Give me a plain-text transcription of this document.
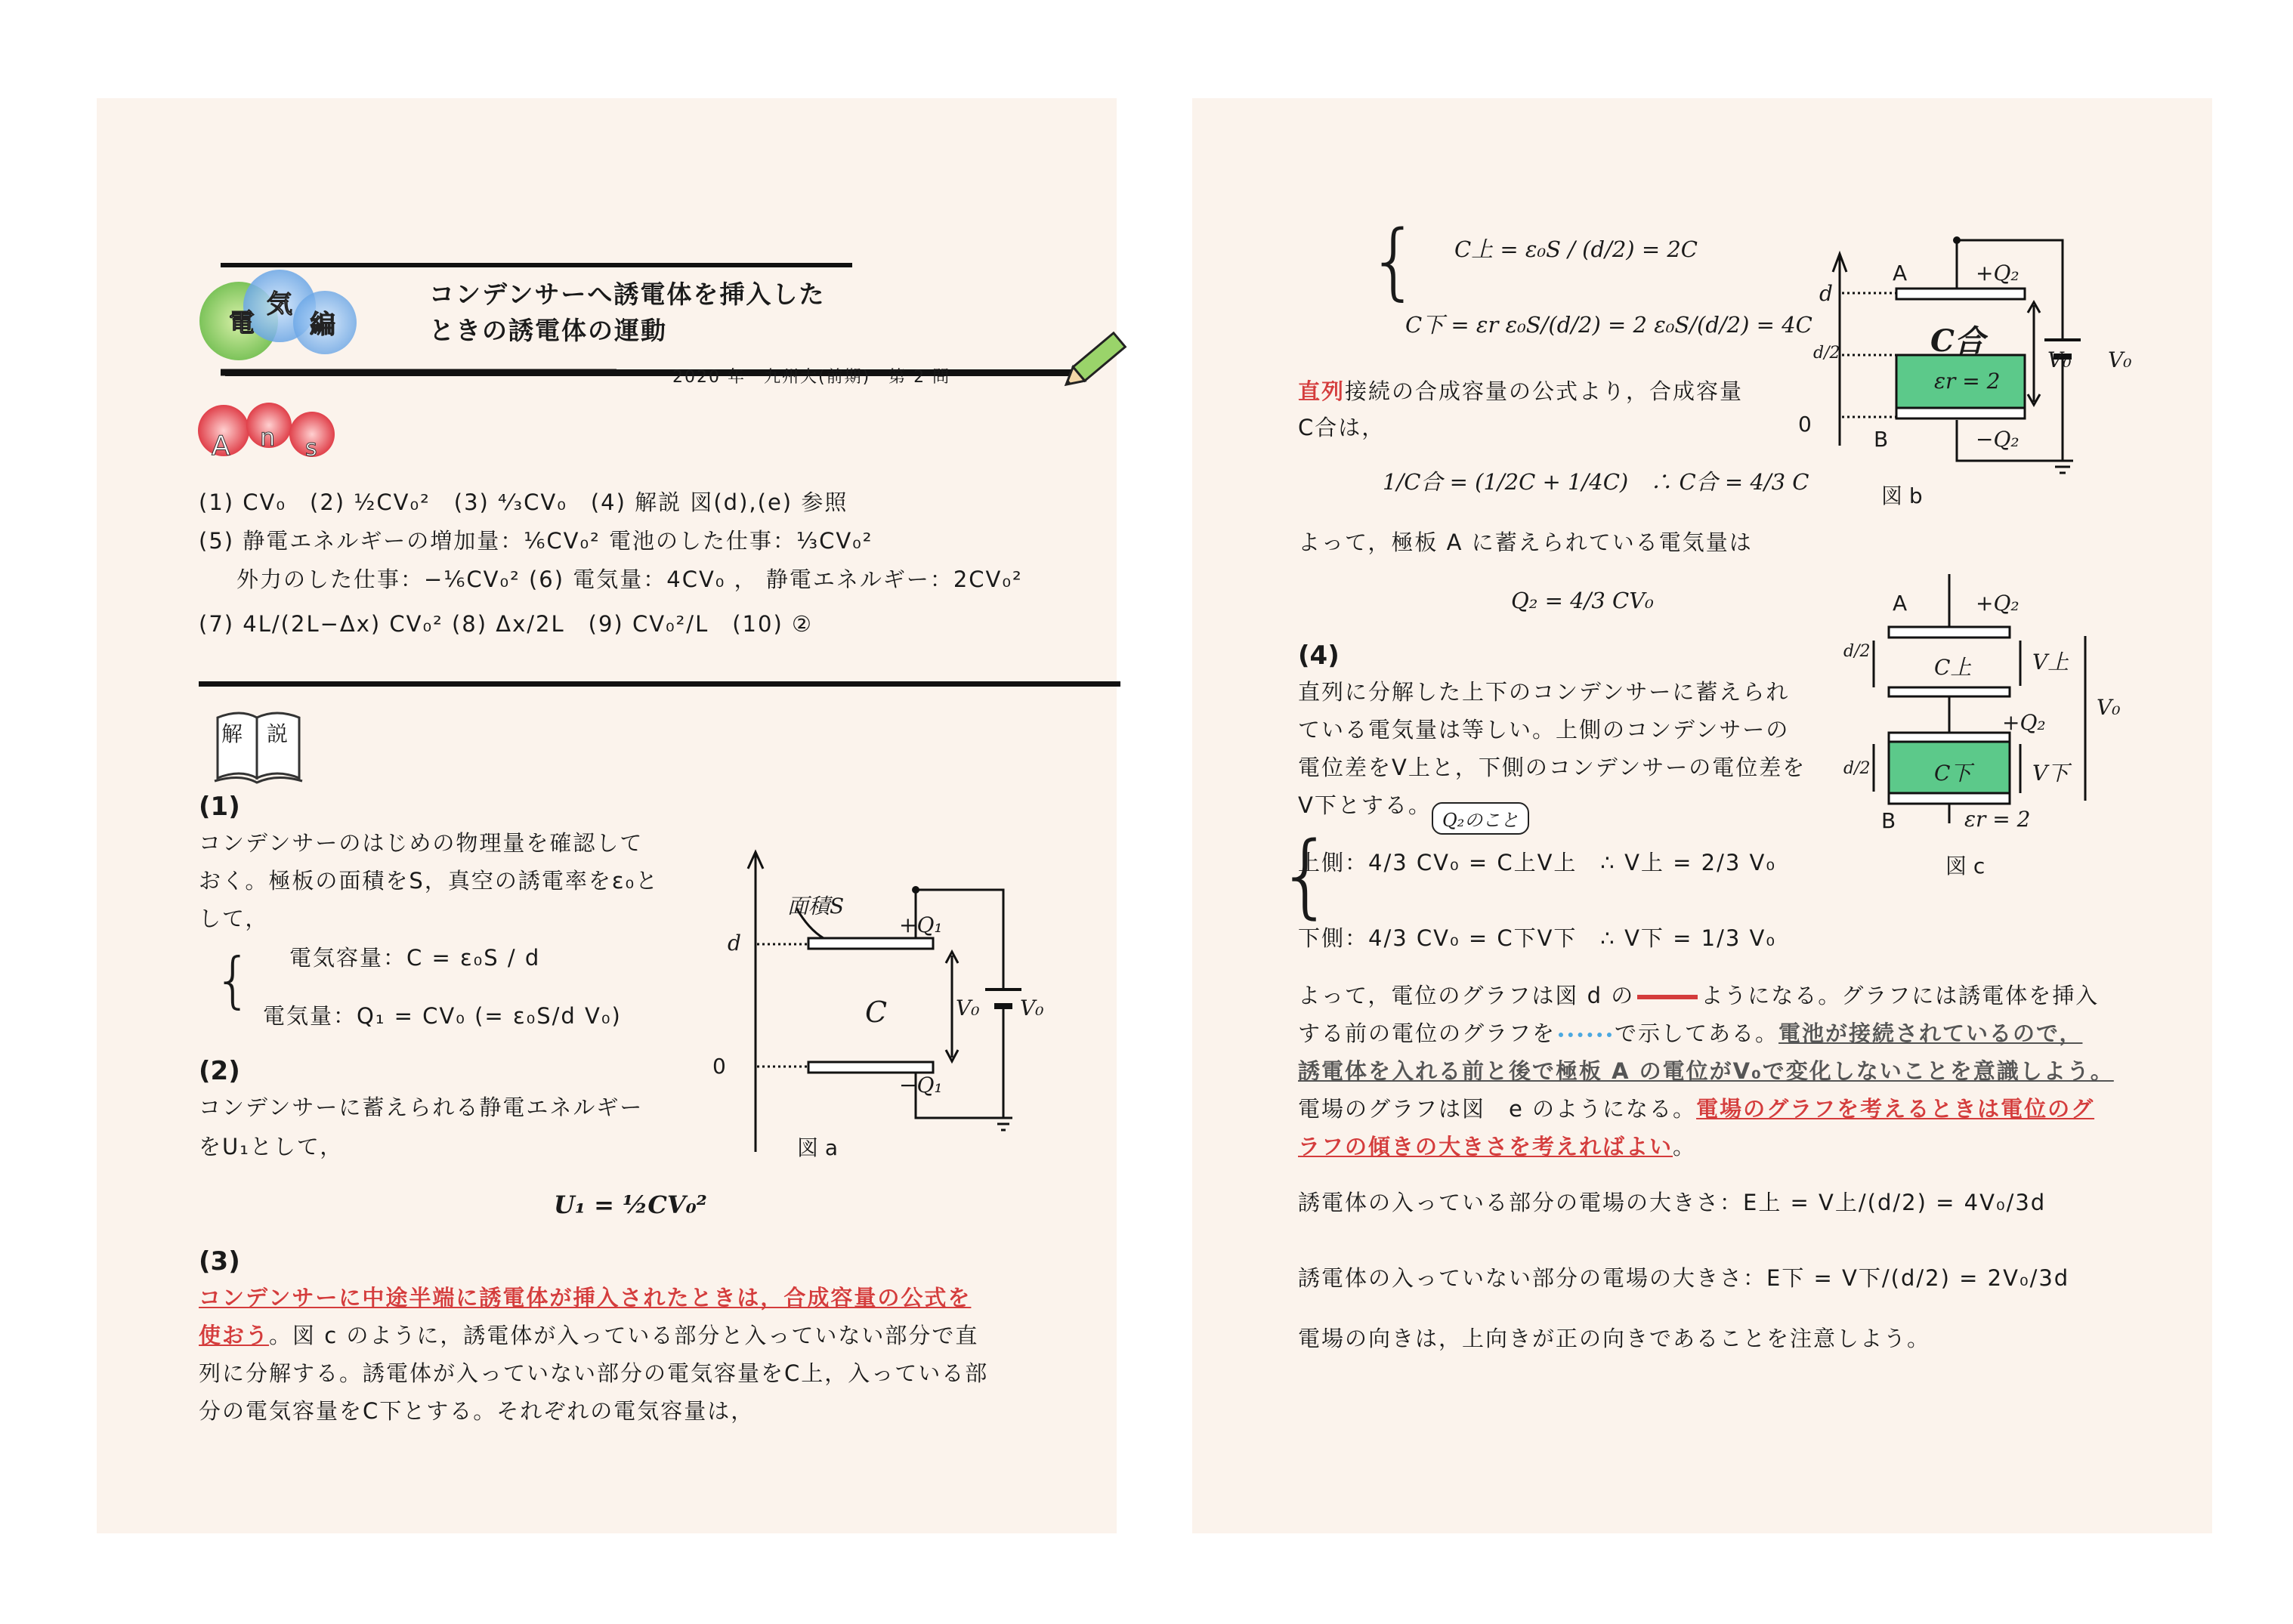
電
気
編
コンデンサーへ誘電体を挿入した
ときの誘電体の運動
2020 年　九州大(前期)　第 2 問
A n s
(1) CV₀　(2) ½CV₀²　(3) ⁴⁄₃CV₀　(4) 解説 図(d),(e) 参照
(5) 静電エネルギーの増加量：⅙CV₀² 電池のした仕事：⅓CV₀²
外力のした仕事：−⅙CV₀² (6) 電気量：4CV₀ ， 静電エネルギー：2CV₀²
(7) 4L/(2L−Δx) CV₀² (8) Δx/2L　(9) CV₀²/L　(10) ②
解 説
(1)
コンデンサーのはじめの物理量を確認して
おく。極板の面積をS，真空の誘電率をε₀と
して，
{ 電気容量：C = ε₀S / d
電気量：Q₁ = CV₀ (= ε₀S/d V₀)
(2)
コンデンサーに蓄えられる静電エネルギー
をU₁として，
U₁ = ½CV₀²
(3)
コンデンサーに中途半端に誘電体が挿入されたときは，合成容量の公式を
使おう。図 c のように，誘電体が入っている部分と入っていない部分で直
列に分解する。誘電体が入っていない部分の電気容量をC上，入っている部
分の電気容量をC下とする。それぞれの電気容量は，
面積S
+Q₁
−Q₁
C	V₀ V₀
d
0
図 a
{ C上 = ε₀S / (d/2) = 2C
C下 = εr ε₀S/(d/2) = 2 ε₀S/(d/2) = 4C
直列接続の合成容量の公式より，合成容量
C合は，
1/C合 = (1/2C + 1/4C)　∴ C合 = 4/3 C
よって，極板 A に蓄えられている電気量は
Q₂ = 4/3 CV₀
(4)
直列に分解した上下のコンデンサーに蓄えられ
ている電気量は等しい。上側のコンデンサーの
電位差をV上と，下側のコンデンサーの電位差を
V下とする。
Q₂のこと
{
上側：4/3 CV₀ = C上V上　∴ V上 = 2/3 V₀
下側：4/3 CV₀ = C下V下　∴ V下 = 1/3 V₀
よって，電位のグラフは図 d の	ようになる。グラフには誘電体を挿入
する前の電位のグラフを	で示してある。電池が接続されているので，
誘電体を入れる前と後で極板 A の電位がV₀で変化しないことを意識しよう。
電場のグラフは図　e のようになる。電場のグラフを考えるときは電位のグ
ラフの傾きの大きさを考えればよい。
誘電体の入っている部分の電場の大きさ：E上 = V上/(d/2) = 4V₀/3d
誘電体の入っていない部分の電場の大きさ：E下 = V下/(d/2) = 2V₀/3d
電場の向きは，上向きが正の向きであることを注意しよう。
A	+Q₂
B	−Q₂
C合
εr = 2
V₀ V₀
d
d/2
0
図 b
A	+Q₂
C上	V上
V₀
+Q₂
C下	V下
d/2
d/2
B	εr = 2
図 c
